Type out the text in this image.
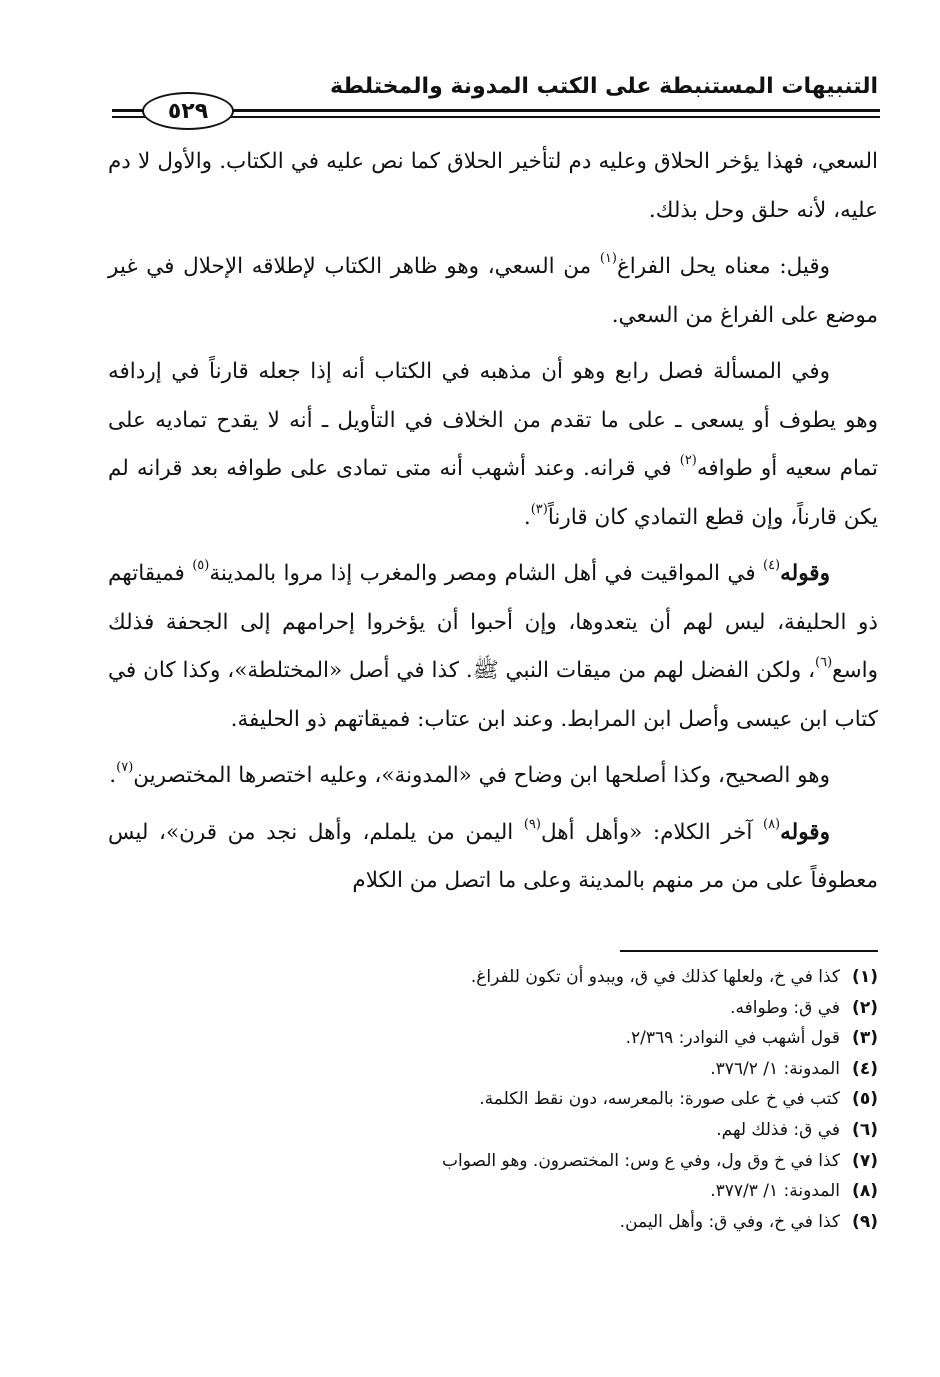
التنبيهات المستنبطة على الكتب المدونة والمختلطة
٥٢٩

السعي، فهذا يؤخر الحلاق وعليه دم لتأخير الحلاق كما نص عليه في الكتاب. والأول لا دم عليه، لأنه حلق وحل بذلك.

وقيل: معناه يحل الفراغ$^{(١)}$ من السعي، وهو ظاهر الكتاب لإطلاقه الإحلال في غير موضع على الفراغ من السعي.

وفي المسألة فصل رابع وهو أن مذهبه في الكتاب أنه إذا جعله قارناً في إردافه وهو يطوف أو يسعى ـ على ما تقدم من الخلاف في التأويل ـ أنه لا يقدح تماديه على تمام سعيه أو طوافه$^{(٢)}$ في قرانه. وعند أشهب أنه متى تمادى على طوافه بعد قرانه لم يكن قارناً، وإن قطع التمادي كان قارناً$^{(٣)}$.

وقوله$^{(٤)}$ في المواقيت في أهل الشام ومصر والمغرب إذا مروا بالمدينة$^{(٥)}$ فميقاتهم ذو الحليفة، ليس لهم أن يتعدوها، وإن أحبوا أن يؤخروا إحرامهم إلى الجحفة فذلك واسع$^{(٦)}$، ولكن الفضل لهم من ميقات النبي ﷺ. كذا في أصل «المختلطة»، وكذا كان في كتاب ابن عيسى وأصل ابن المرابط. وعند ابن عتاب: فميقاتهم ذو الحليفة.

وهو الصحيح، وكذا أصلحها ابن وضاح في «المدونة»، وعليه اختصرها المختصرين$^{(٧)}$.

وقوله$^{(٨)}$ آخر الكلام: «وأهل أهل$^{(٩)}$ اليمن من يلملم، وأهل نجد من قرن»، ليس معطوفاً على من مر منهم بالمدينة وعلى ما اتصل من الكلام

(١)كذا في خ، ولعلها كذلك في ق، ويبدو أن تكون للفراغ.
(٢)في ق: وطوافه.
(٣)قول أشهب في النوادر: ٢/٣٦٩.
(٤)المدونة: ١/ ٣٧٦/٢.
(٥)كتب في خ على صورة: بالمعرسه، دون نقط الكلمة.
(٦)في ق: فذلك لهم.
(٧)كذا في خ وق ول، وفي ع وس: المختصرون. وهو الصواب
(٨)المدونة: ١/ ٣٧٧/٣.
(٩)كذا في خ، وفي ق: وأهل اليمن.
